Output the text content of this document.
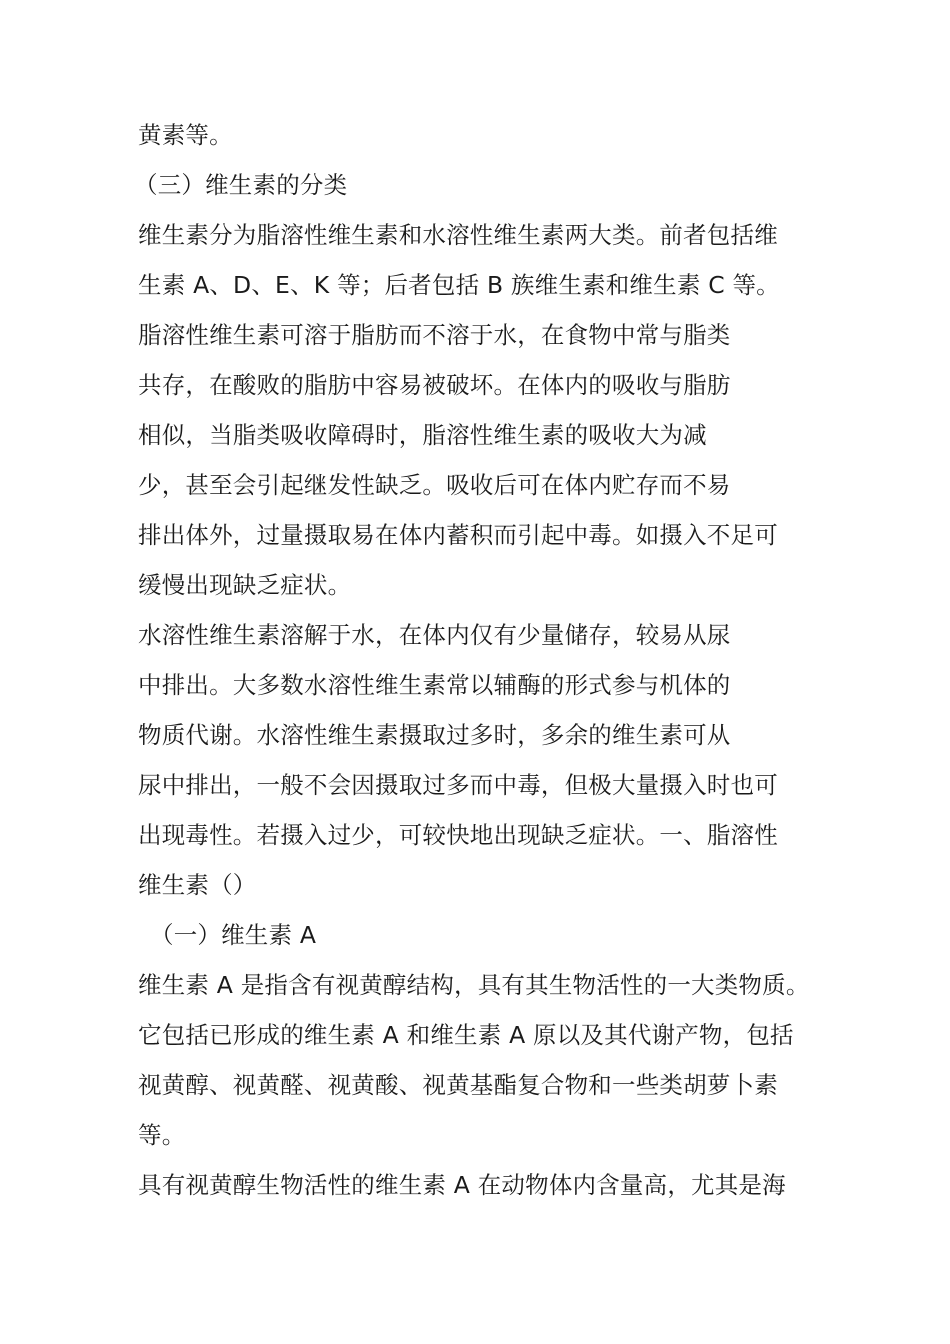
黄素等。
（三）维生素的分类
维生素分为脂溶性维生素和水溶性维生素两大类。前者包括维
生素 A、D、E、K 等；后者包括 B 族维生素和维生素 C 等。
脂溶性维生素可溶于脂肪而不溶于水，在食物中常与脂类
共存，在酸败的脂肪中容易被破坏。在体内的吸收与脂肪
相似，当脂类吸收障碍时，脂溶性维生素的吸收大为减
少，甚至会引起继发性缺乏。吸收后可在体内贮存而不易
排出体外，过量摄取易在体内蓄积而引起中毒。如摄入不足可
缓慢出现缺乏症状。
水溶性维生素溶解于水，在体内仅有少量储存，较易从尿
中排出。大多数水溶性维生素常以辅酶的形式参与机体的
物质代谢。水溶性维生素摄取过多时，多余的维生素可从
尿中排出，一般不会因摄取过多而中毒，但极大量摄入时也可
出现毒性。若摄入过少，可较快地出现缺乏症状。一、脂溶性
维生素（）
（一）维生素 A
维生素 A 是指含有视黄醇结构，具有其生物活性的一大类物质。
它包括已形成的维生素 A 和维生素 A 原以及其代谢产物，包括
视黄醇、视黄醛、视黄酸、视黄基酯复合物和一些类胡萝卜素
等。
具有视黄醇生物活性的维生素 A 在动物体内含量高，尤其是海
